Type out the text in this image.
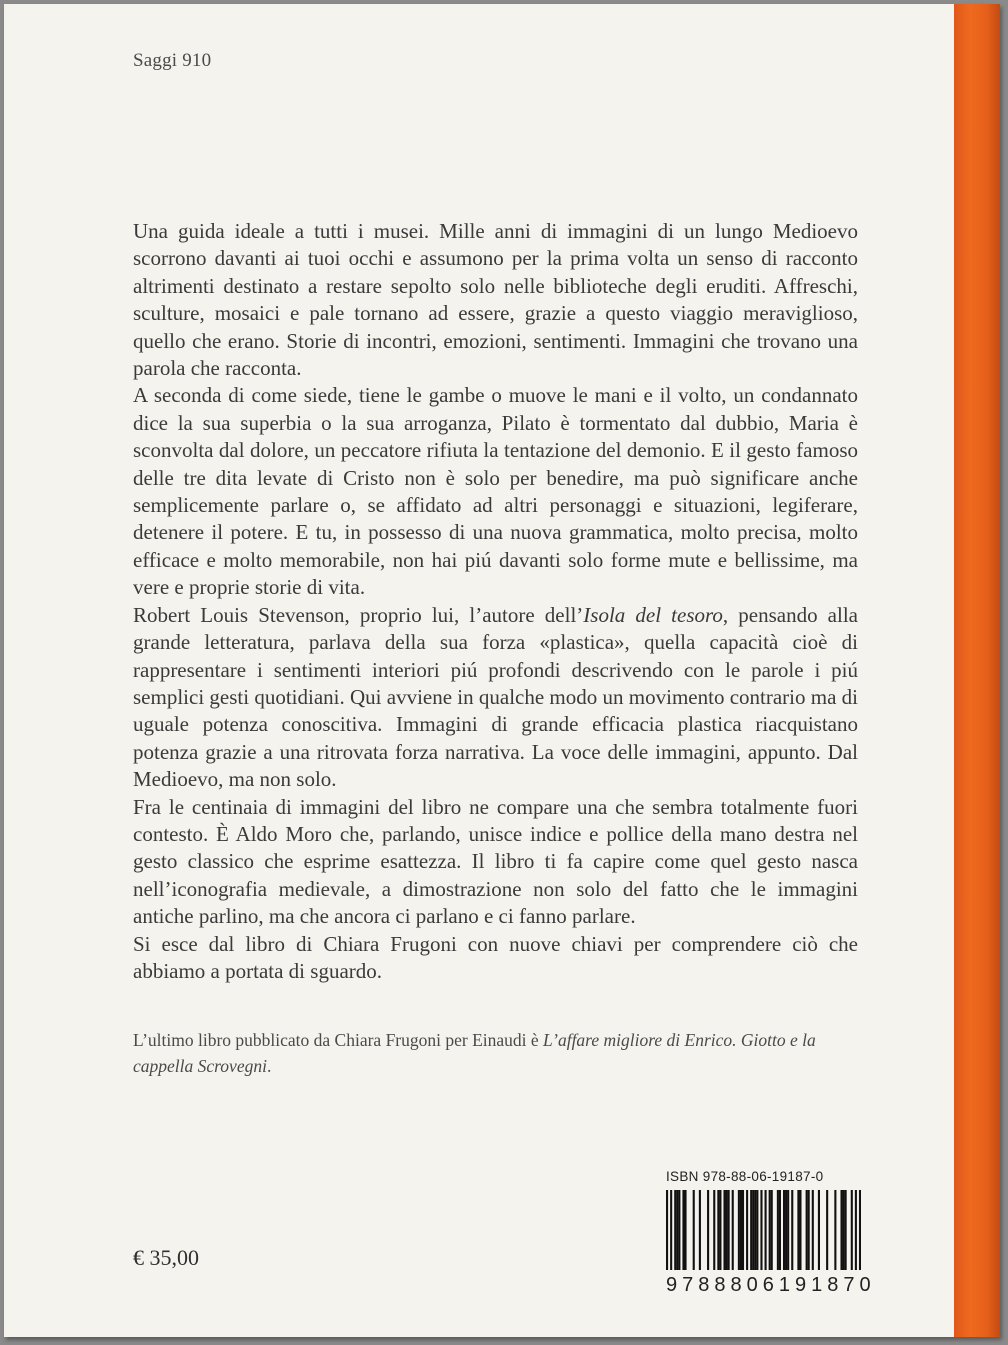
Saggi 910

Una guida ideale a tutti i musei. Mille anni di immagini di un lungo Medioevo scorrono davanti ai tuoi occhi e assumono per la prima volta un senso di racconto altrimenti destinato a restare sepolto solo nelle biblioteche degli eruditi. Affreschi, sculture, mosaici e pale tornano ad essere, grazie a questo viaggio meraviglioso, quello che erano. Storie di incontri, emozioni, sentimenti. Immagini che trovano una parola che racconta.

A seconda di come siede, tiene le gambe o muove le mani e il volto, un condannato dice la sua superbia o la sua arroganza, Pilato è tormentato dal dubbio, Maria è sconvolta dal dolore, un peccatore rifiuta la tentazione del demonio. E il gesto famoso delle tre dita levate di Cristo non è solo per benedire, ma può significare anche semplicemente parlare o, se affidato ad altri personaggi e situazioni, legiferare, detenere il potere. E tu, in possesso di una nuova grammatica, molto precisa, molto efficace e molto memorabile, non hai piú davanti solo forme mute e bellissime, ma vere e proprie storie di vita.

Robert Louis Stevenson, proprio lui, l’autore dell’Isola del tesoro, pensando alla grande letteratura, parlava della sua forza «plastica», quella capacità cioè di rappresentare i sentimenti interiori piú profondi descrivendo con le parole i piú semplici gesti quotidiani. Qui avviene in qualche modo un movimento contrario ma di uguale potenza conoscitiva. Immagini di grande efficacia plastica riacquistano potenza grazie a una ritrovata forza narrativa. La voce delle immagini, appunto. Dal Medioevo, ma non solo.

Fra le centinaia di immagini del libro ne compare una che sembra totalmente fuori contesto. È Aldo Moro che, parlando, unisce indice e pollice della mano destra nel gesto classico che esprime esattezza. Il libro ti fa capire come quel gesto nasca nell’iconografia medievale, a dimostrazione non solo del fatto che le immagini antiche parlino, ma che ancora ci parlano e ci fanno parlare.

Si esce dal libro di Chiara Frugoni con nuove chiavi per comprendere ciò che abbiamo a portata di sguardo.

L’ultimo libro pubblicato da Chiara Frugoni per Einaudi è L’affare migliore di Enrico. Giotto e la cappella Scrovegni.

ISBN 978-88-06-19187-0
9788806191870
€ 35,00
